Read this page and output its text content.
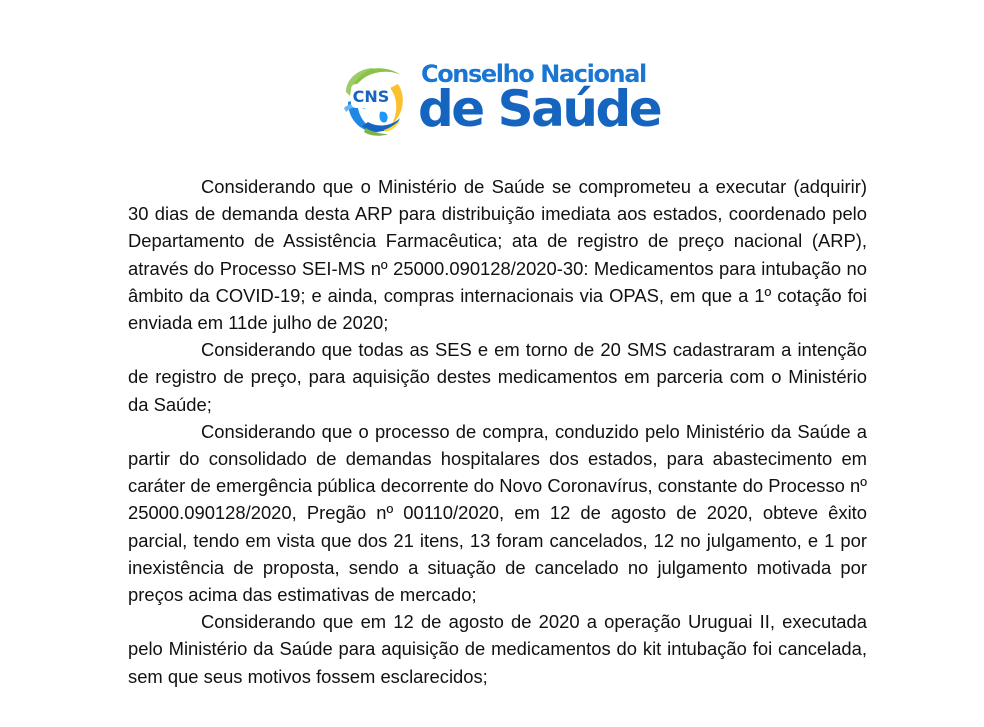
CNS
Conselho Nacional
de Saúde

Considerando que o Ministério de Saúde se comprometeu a executar (adquirir) 30 dias de demanda desta ARP para distribuição imediata aos estados, coordenado pelo Departamento de Assistência Farmacêutica; ata de registro de preço nacional (ARP), através do Processo SEI-MS nº 25000.090128/2020-30: Medicamentos para intubação no âmbito da COVID-19; e ainda, compras internacionais via OPAS, em que a 1º cotação foi enviada em 11de julho de 2020;

Considerando que todas as SES e em torno de 20 SMS cadastraram a intenção de registro de preço, para aquisição destes medicamentos em parceria com o Ministério da Saúde;

Considerando que o processo de compra, conduzido pelo Ministério da Saúde a partir do consolidado de demandas hospitalares dos estados, para abastecimento em caráter de emergência pública decorrente do Novo Coronavírus, constante do Processo nº 25000.090128/2020, Pregão nº 00110/2020, em 12 de agosto de 2020, obteve êxito parcial, tendo em vista que dos 21 itens, 13 foram cancelados, 12 no julgamento, e 1 por inexistência de proposta, sendo a situação de cancelado no julgamento motivada por preços acima das estimativas de mercado;

Considerando que em 12 de agosto de 2020 a operação Uruguai II, executada pelo Ministério da Saúde para aquisição de medicamentos do kit intubação foi cancelada, sem que seus motivos fossem esclarecidos;
